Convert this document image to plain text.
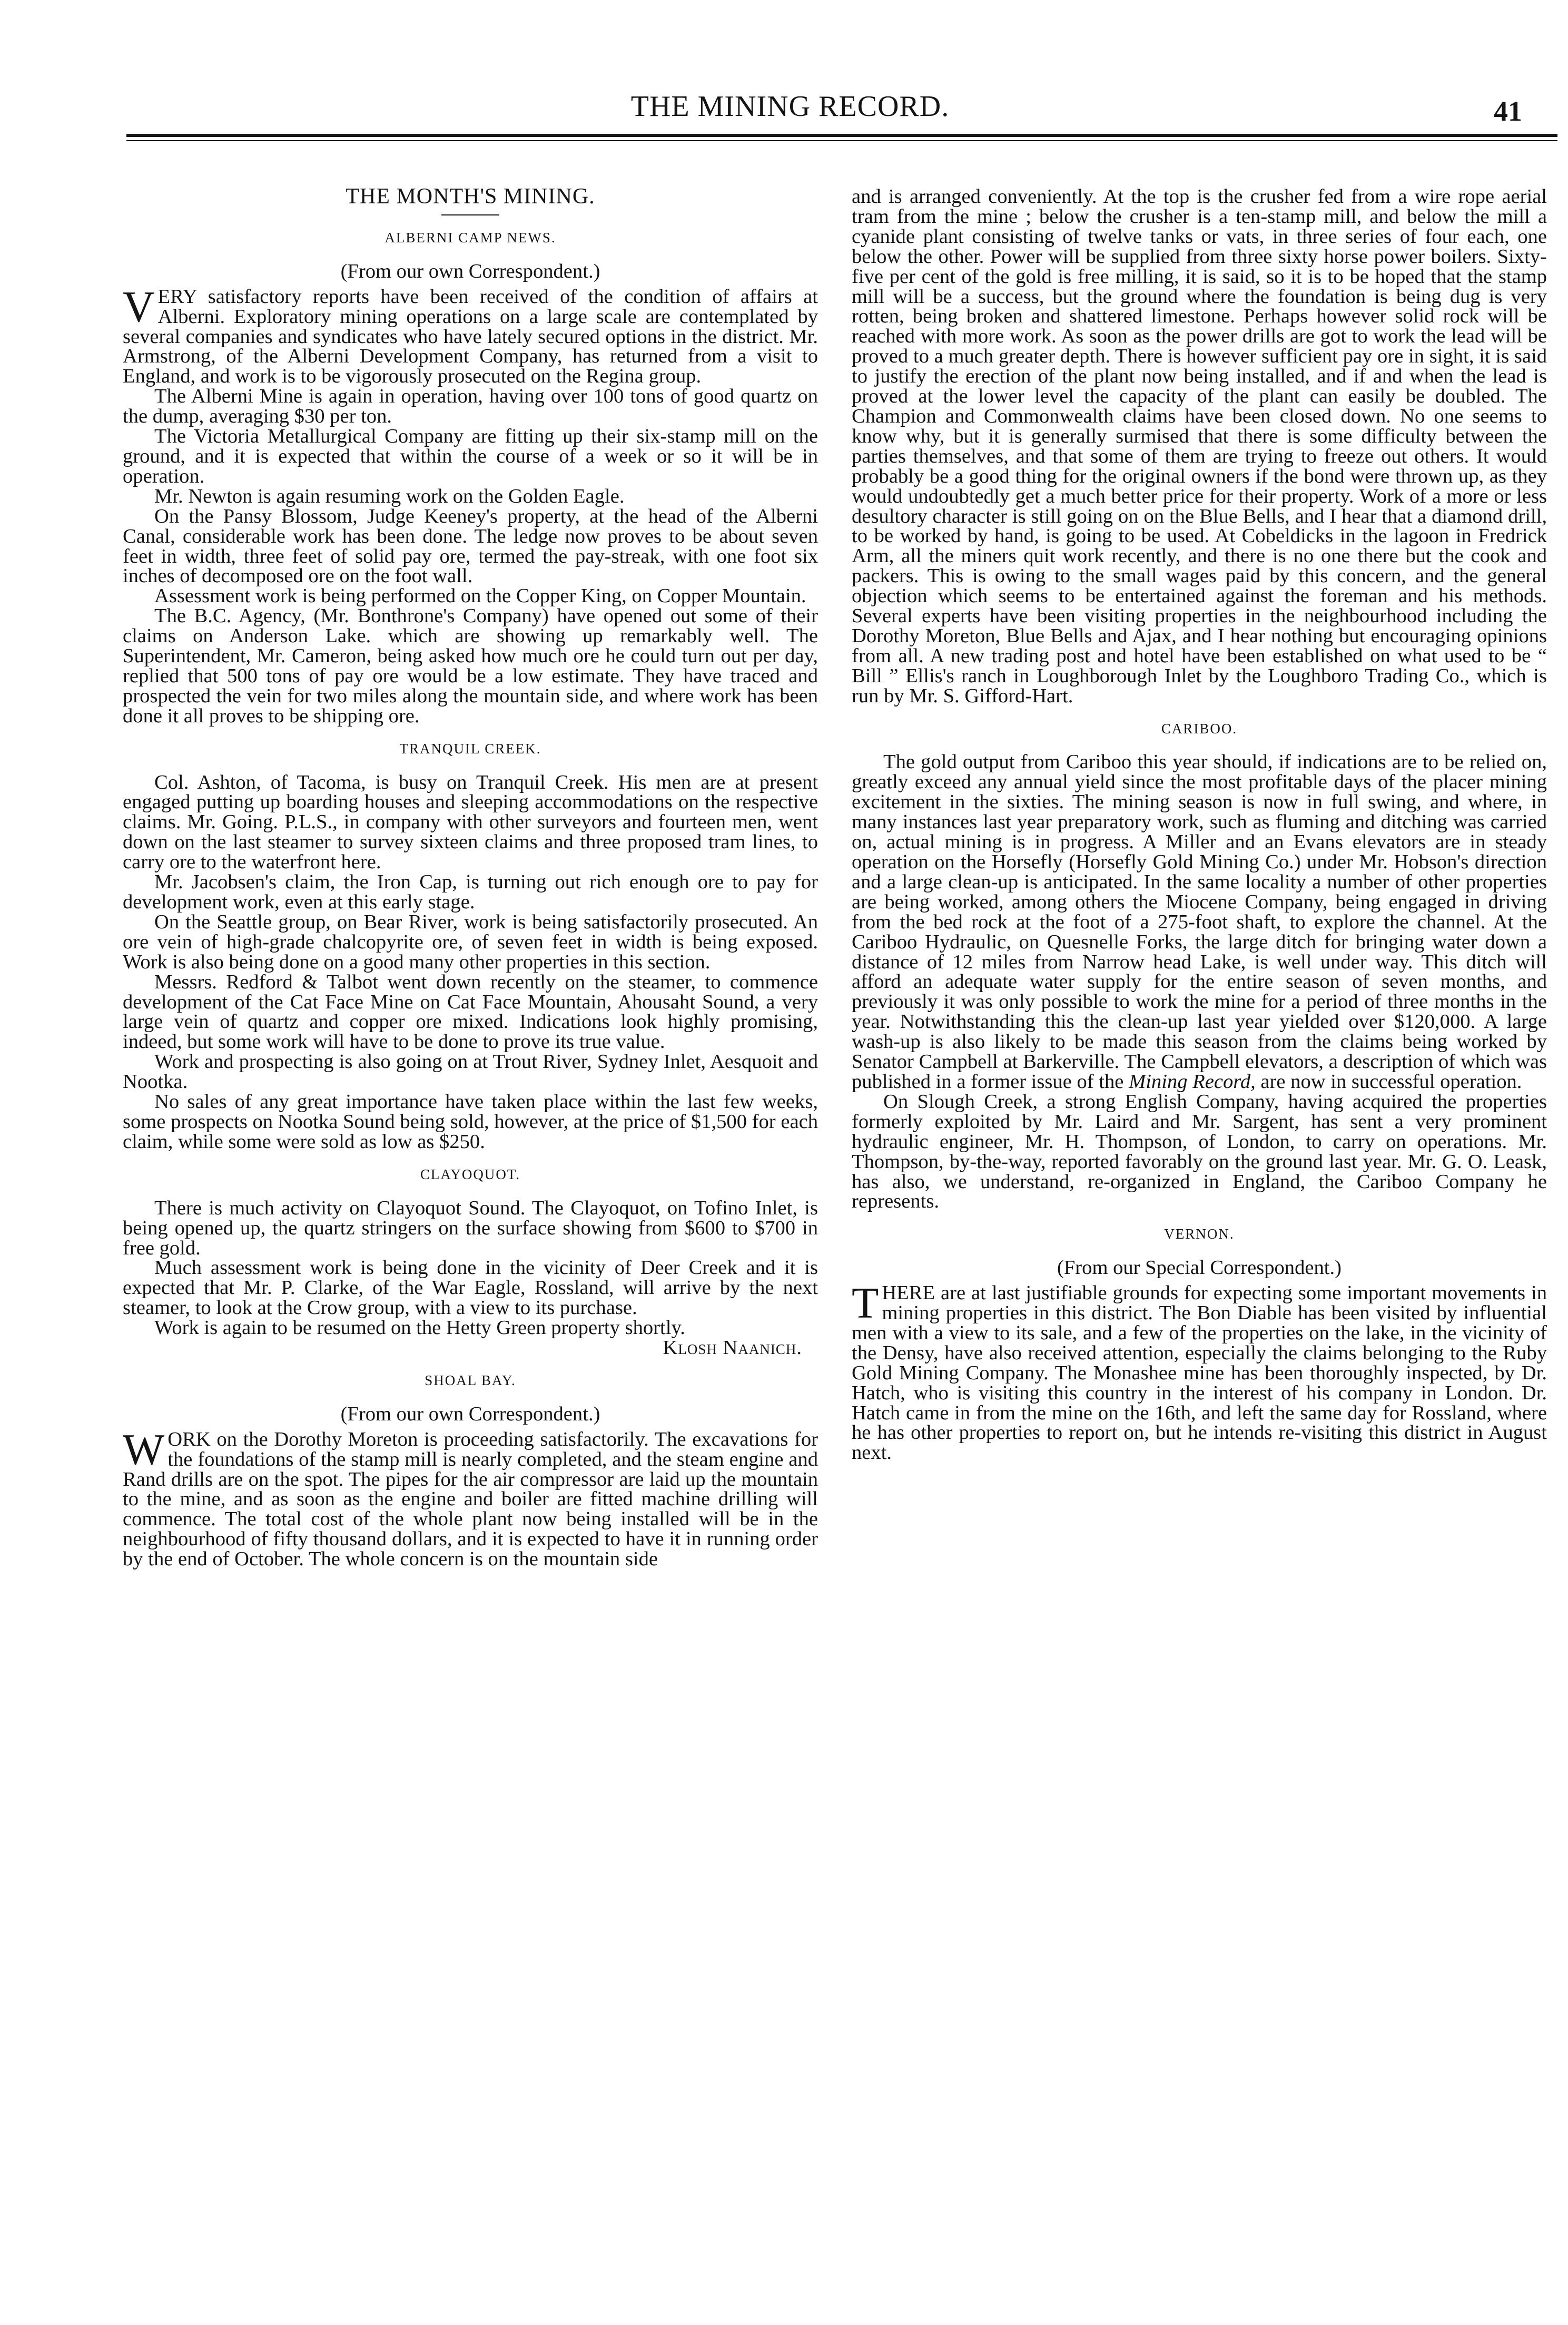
THE MINING RECORD.	41
THE MONTH'S MINING.
ALBERNI CAMP NEWS.
(From our own Correspondent.)

VERY satisfactory reports have been received of the condition of affairs at Alberni. Exploratory mining operations on a large scale are contemplated by several companies and syndicates who have lately secured options in the district. Mr. Armstrong, of the Alberni Development Company, has returned from a visit to England, and work is to be vigorously prosecuted on the Regina group.

The Alberni Mine is again in operation, having over 100 tons of good quartz on the dump, averaging $30 per ton.

The Victoria Metallurgical Company are fitting up their six-stamp mill on the ground, and it is expected that within the course of a week or so it will be in operation.

Mr. Newton is again resuming work on the Golden Eagle.

On the Pansy Blossom, Judge Keeney's property, at the head of the Alberni Canal, considerable work has been done. The ledge now proves to be about seven feet in width, three feet of solid pay ore, termed the pay-streak, with one foot six inches of decomposed ore on the foot wall.

Assessment work is being performed on the Copper King, on Copper Mountain.

The B.C. Agency, (Mr. Bonthrone's Company) have opened out some of their claims on Anderson Lake. which are showing up remarkably well. The Superintendent, Mr. Cameron, being asked how much ore he could turn out per day, replied that 500 tons of pay ore would be a low estimate. They have traced and prospected the vein for two miles along the mountain side, and where work has been done it all proves to be shipping ore.

TRANQUIL CREEK.

Col. Ashton, of Tacoma, is busy on Tranquil Creek. His men are at present engaged putting up boarding houses and sleeping accommodations on the respective claims. Mr. Going. P.L.S., in company with other surveyors and fourteen men, went down on the last steamer to survey sixteen claims and three proposed tram lines, to carry ore to the waterfront here.

Mr. Jacobsen's claim, the Iron Cap, is turning out rich enough ore to pay for development work, even at this early stage.

On the Seattle group, on Bear River, work is being satisfactorily prosecuted. An ore vein of high-grade chalcopyrite ore, of seven feet in width is being exposed. Work is also being done on a good many other properties in this section.

Messrs. Redford & Talbot went down recently on the steamer, to commence development of the Cat Face Mine on Cat Face Mountain, Ahousaht Sound, a very large vein of quartz and copper ore mixed. Indications look highly promising, indeed, but some work will have to be done to prove its true value.

Work and prospecting is also going on at Trout River, Sydney Inlet, Aesquoit and Nootka.

No sales of any great importance have taken place within the last few weeks, some prospects on Nootka Sound being sold, however, at the price of $1,500 for each claim, while some were sold as low as $250.

CLAYOQUOT.

There is much activity on Clayoquot Sound. The Clayoquot, on Tofino Inlet, is being opened up, the quartz stringers on the surface showing from $600 to $700 in free gold.

Much assessment work is being done in the vicinity of Deer Creek and it is expected that Mr. P. Clarke, of the War Eagle, Rossland, will arrive by the next steamer, to look at the Crow group, with a view to its purchase.

Work is again to be resumed on the Hetty Green property shortly.
Klosh Naanich.

SHOAL BAY.
(From our own Correspondent.)

WORK on the Dorothy Moreton is proceeding satisfactorily. The excavations for the foundations of the stamp mill is nearly completed, and the steam engine and Rand drills are on the spot. The pipes for the air compressor are laid up the mountain to the mine, and as soon as the engine and boiler are fitted machine drilling will commence. The total cost of the whole plant now being installed will be in the neighbourhood of fifty thousand dollars, and it is expected to have it in running order by the end of October. The whole concern is on the mountain side

and is arranged conveniently. At the top is the crusher fed from a wire rope aerial tram from the mine ; below the crusher is a ten-stamp mill, and below the mill a cyanide plant consisting of twelve tanks or vats, in three series of four each, one below the other. Power will be supplied from three sixty horse power boilers. Sixty-five per cent of the gold is free milling, it is said, so it is to be hoped that the stamp mill will be a success, but the ground where the foundation is being dug is very rotten, being broken and shattered limestone. Perhaps however solid rock will be reached with more work. As soon as the power drills are got to work the lead will be proved to a much greater depth. There is however sufficient pay ore in sight, it is said to justify the erection of the plant now being installed, and if and when the lead is proved at the lower level the capacity of the plant can easily be doubled. The Champion and Commonwealth claims have been closed down. No one seems to know why, but it is generally surmised that there is some difficulty between the parties themselves, and that some of them are trying to freeze out others. It would probably be a good thing for the original owners if the bond were thrown up, as they would undoubtedly get a much better price for their property. Work of a more or less desultory character is still going on on the Blue Bells, and I hear that a diamond drill, to be worked by hand, is going to be used. At Cobeldicks in the lagoon in Fredrick Arm, all the miners quit work recently, and there is no one there but the cook and packers. This is owing to the small wages paid by this concern, and the general objection which seems to be entertained against the foreman and his methods. Several experts have been visiting properties in the neighbourhood including the Dorothy Moreton, Blue Bells and Ajax, and I hear nothing but encouraging opinions from all. A new trading post and hotel have been established on what used to be “ Bill ” Ellis's ranch in Loughborough Inlet by the Loughboro Trading Co., which is run by Mr. S. Gifford-Hart.

CARIBOO.

The gold output from Cariboo this year should, if indications are to be relied on, greatly exceed any annual yield since the most profitable days of the placer mining excitement in the sixties. The mining season is now in full swing, and where, in many instances last year preparatory work, such as fluming and ditching was carried on, actual mining is in progress. A Miller and an Evans elevators are in steady operation on the Horsefly (Horsefly Gold Mining Co.) under Mr. Hobson's direction and a large clean-up is anticipated. In the same locality a number of other properties are being worked, among others the Miocene Company, being engaged in driving from the bed rock at the foot of a 275-foot shaft, to explore the channel. At the Cariboo Hydraulic, on Quesnelle Forks, the large ditch for bringing water down a distance of 12 miles from Narrow head Lake, is well under way. This ditch will afford an adequate water supply for the entire season of seven months, and previously it was only possible to work the mine for a period of three months in the year. Notwithstanding this the clean-up last year yielded over $120,000. A large wash-up is also likely to be made this season from the claims being worked by Senator Campbell at Barkerville. The Campbell elevators, a description of which was published in a former issue of the Mining Record, are now in successful operation.

On Slough Creek, a strong English Company, having acquired the properties formerly exploited by Mr. Laird and Mr. Sargent, has sent a very prominent hydraulic engineer, Mr. H. Thompson, of London, to carry on operations. Mr. Thompson, by-the-way, reported favorably on the ground last year. Mr. G. O. Leask, has also, we understand, re-organized in England, the Cariboo Company he represents.

VERNON.
(From our Special Correspondent.)

THERE are at last justifiable grounds for expecting some important movements in mining properties in this district. The Bon Diable has been visited by influential men with a view to its sale, and a few of the properties on the lake, in the vicinity of the Densy, have also received attention, especially the claims belonging to the Ruby Gold Mining Company. The Monashee mine has been thoroughly inspected, by Dr. Hatch, who is visiting this country in the interest of his company in London. Dr. Hatch came in from the mine on the 16th, and left the same day for Rossland, where he has other properties to report on, but he intends re-visiting this district in August next.
